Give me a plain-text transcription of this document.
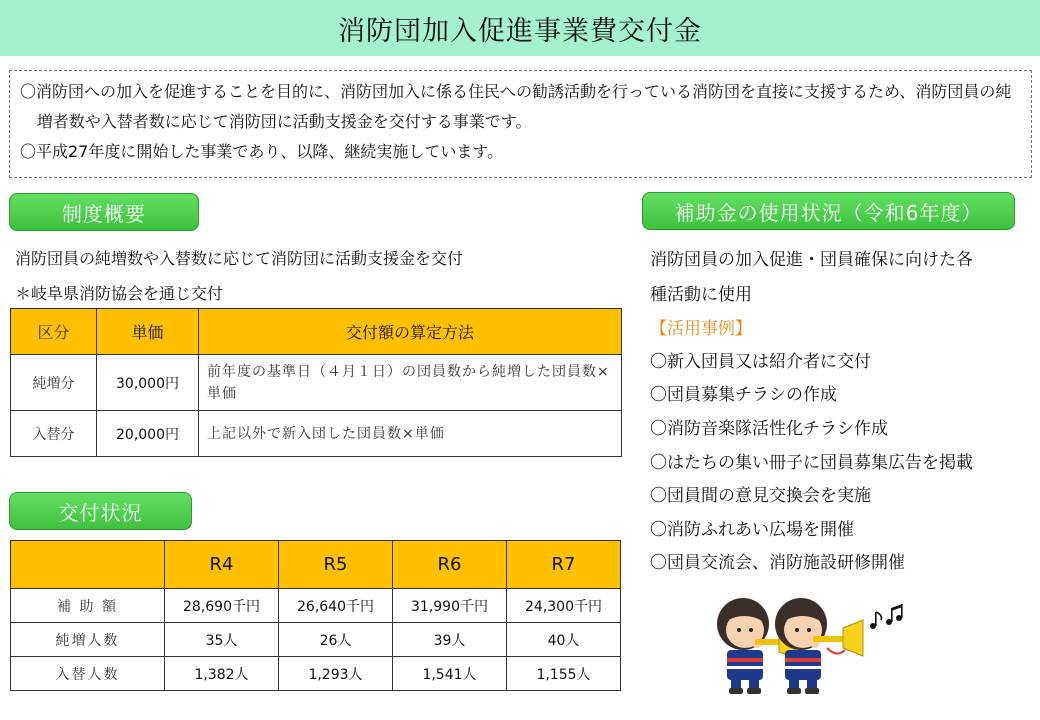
消防団加入促進事業費交付金

〇消防団への加入を促進することを目的に、消防団加入に係る住民への勧誘活動を行っている消防団を直接に支援するため、消防団員の純増者数や入替者数に応じて消防団に活動支援金を交付する事業です。

〇平成27年度に開始した事業であり、以降、継続実施しています。

制度概要
消防団員の純増数や入替数に応じて消防団に活動支援金を交付
＊岐阜県消防協会を通じ交付
区分	単価	交付額の算定方法
純増分	30,000円	前年度の基準日（４月１日）の団員数から純増した団員数×単価
入替分	20,000円	上記以外で新入団した団員数×単価
交付状況
	R4	R5	R6	R7
補 助 額	28,690千円	26,640千円	31,990千円	24,300千円
純増人数	35人	26人	39人	40人
入替人数	1,382人	1,293人	1,541人	1,155人
補助金の使用状況（令和6年度）
消防団員の加入促進・団員確保に向けた各
種活動に使用
【活用事例】
〇新入団員又は紹介者に交付
〇団員募集チラシの作成
〇消防音楽隊活性化チラシ作成
〇はたちの集い冊子に団員募集広告を掲載
〇団員間の意見交換会を実施
〇消防ふれあい広場を開催
〇団員交流会、消防施設研修開催
